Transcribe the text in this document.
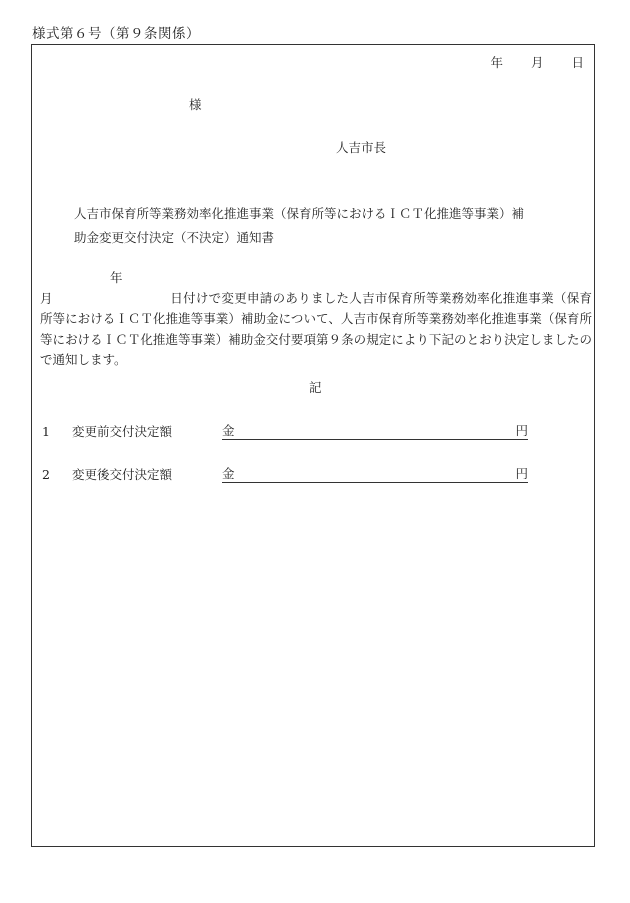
様式第６号（第９条関係）
年 月 日
様
人吉市長
人吉市保育所等業務効率化推進事業（保育所等におけるＩＣＴ化推進等事業）補
助金変更交付決定（不決定）通知書
年月	日付けで変更申請のありました人吉市保育所等業務効率化推進事業（保育所等におけるＩＣＴ化推進等事業）補助金について、人吉市保育所等業務効率化推進事業（保育所等におけるＩＣＴ化推進等事業）補助金交付要項第９条の規定により下記のとおり決定しましたので通知します。
記
1 変更前交付決定額	金	円
2 変更後交付決定額	金	円
